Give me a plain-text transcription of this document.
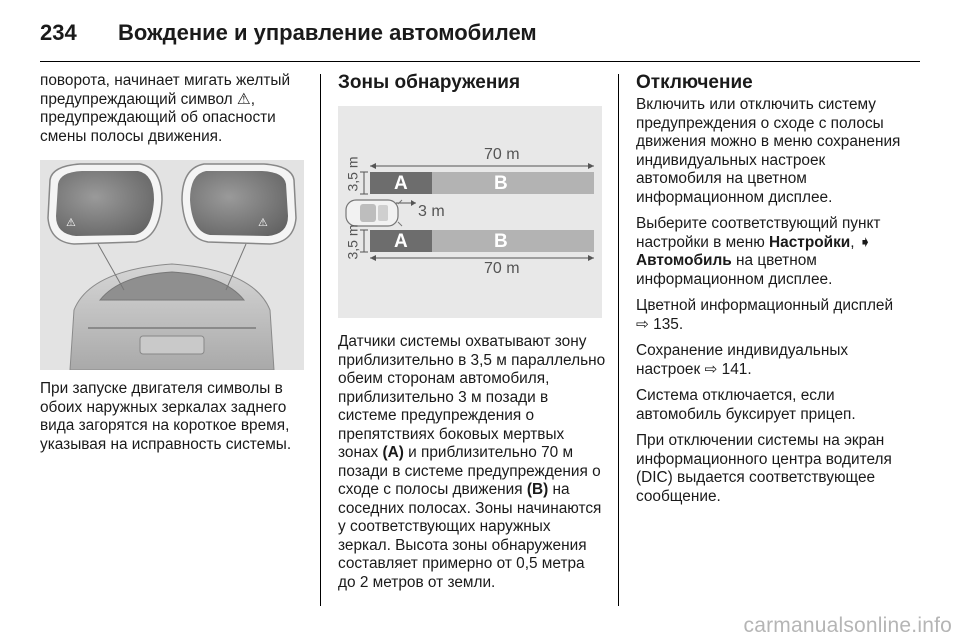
234 Вождение и управление автомобилем

поворота, начинает мигать желтый предупреждающий символ ⚠, предупреждающий об опасности смены полосы движения.

⚠	⚠

При запуске двигателя символы в обоих наружных зеркалах заднего вида загорятся на короткое время, указывая на исправность системы.

Зоны обнаружения
70 m
70 m
3 m
A	B
A	B
3,5 m
3,5 m

Датчики системы охватывают зону приблизительно в 3,5 м параллельно обеим сторонам автомобиля, приблизительно 3 м позади в системе предупреждения о препятствиях боковых мертвых зонах (A) и приблизительно 70 м позади в системе предупреждения о сходе с полосы движения (B) на соседних полосах. Зоны начинаются у соответствующих наружных зеркал. Высота зоны обнаружения составляет примерно от 0,5 метра до 2 метров от земли.

Отключение

Включить или отключить систему предупреждения о сходе с полосы движения можно в меню сохранения индивидуальных настроек автомобиля на цветном информационном дисплее.

Выберите соответствующий пункт настройки в меню Настройки, ➧ Автомобиль на цветном информационном дисплее.

Цветной информационный дисплей ⇨ 135.

Сохранение индивидуальных настроек ⇨ 141.

Система отключается, если автомобиль буксирует прицеп.

При отключении системы на экран информационного центра водителя (DIC) выдается соответствующее сообщение.

carmanualsonline.info
